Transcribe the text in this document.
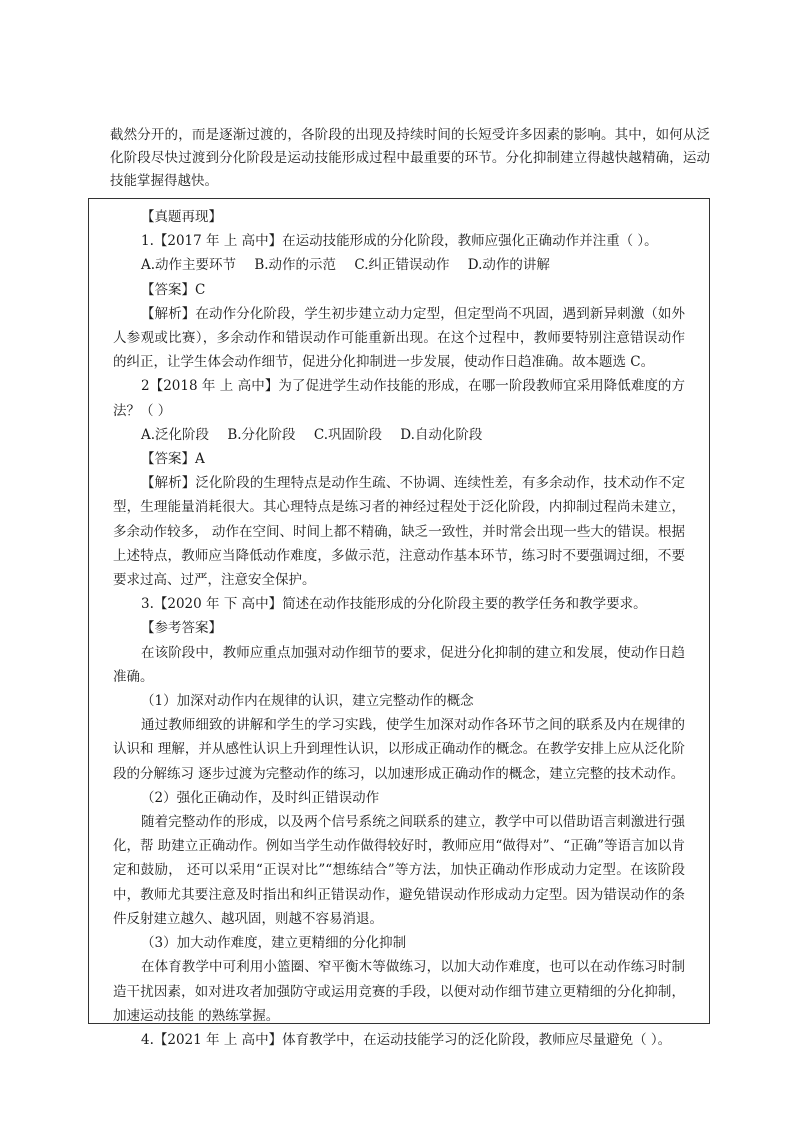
截然分开的，而是逐渐过渡的，各阶段的出现及持续时间的长短受许多因素的影响。其中，如何从泛化阶段尽快过渡到分化阶段是运动技能形成过程中最重要的环节。分化抑制建立得越快越精确，运动技能掌握得越快。

【真题再现】

1.【2017 年 上 高中】在运动技能形成的分化阶段，教师应强化正确动作并注重（ ）。

A.动作主要环节 B.动作的示范 C.纠正错误动作 D.动作的讲解

【答案】C

【解析】在动作分化阶段，学生初步建立动力定型，但定型尚不巩固，遇到新异刺激（如外人参观或比赛），多余动作和错误动作可能重新出现。在这个过程中，教师要特别注意错误动作的纠正，让学生体会动作细节，促进分化抑制进一步发展，使动作日趋准确。故本题选 C。

2【2018 年 上 高中】为了促进学生动作技能的形成，在哪一阶段教师宜采用降低难度的方法？（ ）

A.泛化阶段 B.分化阶段 C.巩固阶段 D.自动化阶段

【答案】A

【解析】泛化阶段的生理特点是动作生疏、不协调、连续性差，有多余动作，技术动作不定型，生理能量消耗很大。其心理特点是练习者的神经过程处于泛化阶段，内抑制过程尚未建立，多余动作较多， 动作在空间、时间上都不精确，缺乏一致性，并时常会出现一些大的错误。根据上述特点，教师应当降低动作难度，多做示范，注意动作基本环节，练习时不要强调过细，不要要求过高、过严，注意安全保护。

3.【2020 年 下 高中】简述在动作技能形成的分化阶段主要的教学任务和教学要求。

【参考答案】

在该阶段中，教师应重点加强对动作细节的要求，促进分化抑制的建立和发展，使动作日趋准确。

（1）加深对动作内在规律的认识，建立完整动作的概念

通过教师细致的讲解和学生的学习实践，使学生加深对动作各环节之间的联系及内在规律的认识和 理解，并从感性认识上升到理性认识，以形成正确动作的概念。在教学安排上应从泛化阶段的分解练习 逐步过渡为完整动作的练习，以加速形成正确动作的概念，建立完整的技术动作。

（2）强化正确动作，及时纠正错误动作

随着完整动作的形成，以及两个信号系统之间联系的建立，教学中可以借助语言刺激进行强化，帮 助建立正确动作。例如当学生动作做得较好时，教师应用“做得对”、“正确”等语言加以肯定和鼓励， 还可以采用“正误对比”“想练结合”等方法，加快正确动作形成动力定型。在该阶段中，教师尤其要注意及时指出和纠正错误动作，避免错误动作形成动力定型。因为错误动作的条件反射建立越久、越巩固，则越不容易消退。

（3）加大动作难度，建立更精细的分化抑制

在体育教学中可利用小篮圈、窄平衡木等做练习，以加大动作难度，也可以在动作练习时制造干扰因素，如对进攻者加强防守或运用竞赛的手段，以便对动作细节建立更精细的分化抑制，加速运动技能 的熟练掌握。

4.【2021 年 上 高中】体育教学中，在运动技能学习的泛化阶段，教师应尽量避免（ ）。
